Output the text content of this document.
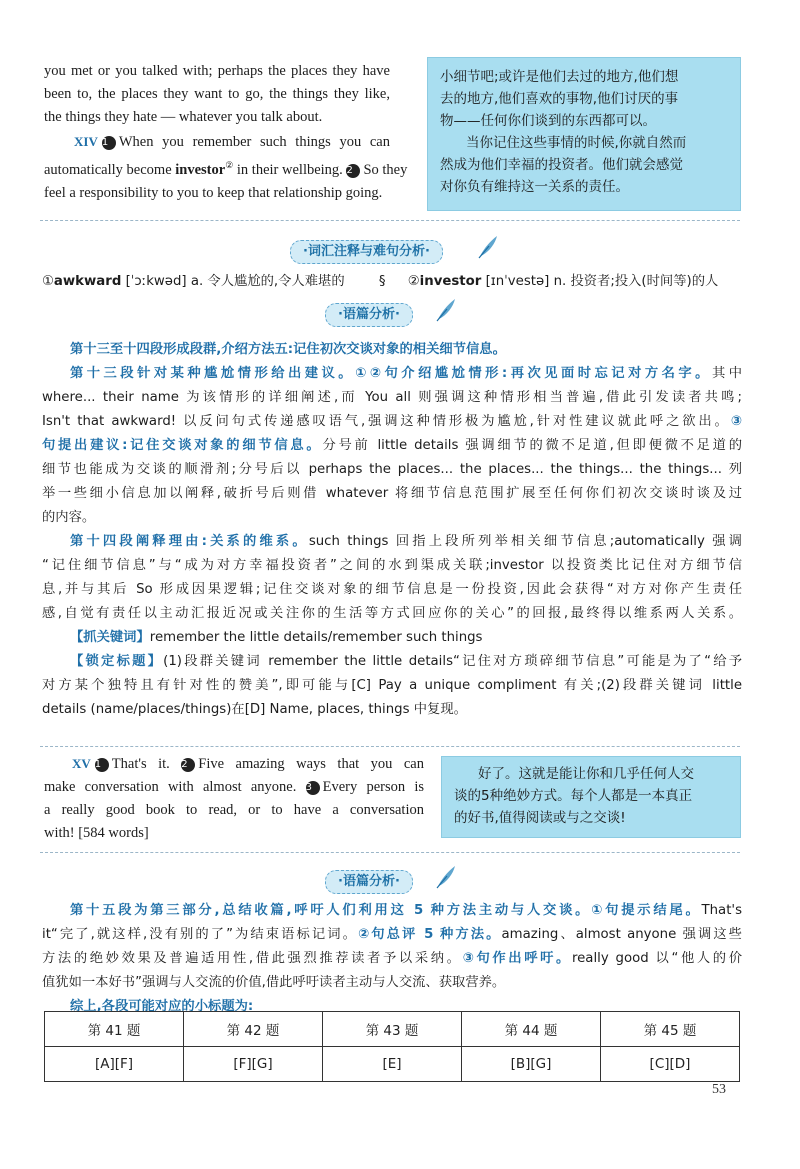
you met or you talked with; perhaps the places they have
been to, the places they want to go, the things they like,
the things they hate — whatever you talk about.
XIV 1 When you remember such things you can
automatically become investor② in their wellbeing. 2 So they
feel a responsibility to you to keep that relationship going.
小细节吧;或许是他们去过的地方,他们想
去的地方,他们喜欢的事物,他们讨厌的事
物——任何你们谈到的东西都可以。
当你记住这些事情的时候,你就自然而
然成为他们幸福的投资者。他们就会感觉
对你负有维持这一关系的责任。
·词汇注释与难句分析·
①awkward [ˈɔːkwəd] a. 令人尴尬的,令人难堪的	§ ②investor [ɪnˈvestə] n. 投资者;投入(时间等)的人
·语篇分析·
第十三至十四段形成段群,介绍方法五:记住初次交谈对象的相关细节信息。
第十三段针对某种尴尬情形给出建议。①②句介绍尴尬情形:再次见面时忘记对方名字。其中
where... their name 为该情形的详细阐述,而 You all 则强调这种情形相当普遍,借此引发读者共鸣;
Isn't that awkward! 以反问句式传递感叹语气,强调这种情形极为尴尬,针对性建议就此呼之欲出。③
句提出建议:记住交谈对象的细节信息。分号前 little details 强调细节的微不足道,但即便微不足道的
细节也能成为交谈的顺滑剂;分号后以 perhaps the places... the places... the things... the things... 列
举一些细小信息加以阐释,破折号后则借 whatever 将细节信息范围扩展至任何你们初次交谈时谈及过
的内容。
第十四段阐释理由:关系的维系。such things 回指上段所列举相关细节信息;automatically 强调
“记住细节信息”与“成为对方幸福投资者”之间的水到渠成关联;investor 以投资类比记住对方细节信
息,并与其后 So 形成因果逻辑;记住交谈对象的细节信息是一份投资,因此会获得“对方对你产生责任
感,自觉有责任以主动汇报近况或关注你的生活等方式回应你的关心”的回报,最终得以维系两人关系。
【抓关键词】remember the little details/remember such things
【锁定标题】(1)段群关键词 remember the little details“记住对方琐碎细节信息”可能是为了“给予
对方某个独特且有针对性的赞美”,即可能与[C] Pay a unique compliment 有关;(2)段群关键词 little
details (name/places/things)在[D] Name, places, things 中复现。
XV 1 That's it. 2 Five amazing ways that you can
make conversation with almost anyone. 3 Every person is
a really good book to read, or to have a conversation
with! [584 words]
好了。这就是能让你和几乎任何人交
谈的5种绝妙方式。每个人都是一本真正
的好书,值得阅读或与之交谈!
·语篇分析·
第十五段为第三部分,总结收篇,呼吁人们利用这 5 种方法主动与人交谈。①句提示结尾。That's
it“完了,就这样,没有别的了”为结束语标记词。②句总评 5 种方法。amazing、almost anyone 强调这些
方法的绝妙效果及普遍适用性,借此强烈推荐读者予以采纳。③句作出呼吁。really good 以“他人的价
值犹如一本好书”强调与人交流的价值,借此呼吁读者主动与人交流、获取营养。
综上,各段可能对应的小标题为:
第 41 题	第 42 题	第 43 题	第 44 题	第 45 题
[A][F]	[F][G]	[E]	[B][G]	[C][D]
53
